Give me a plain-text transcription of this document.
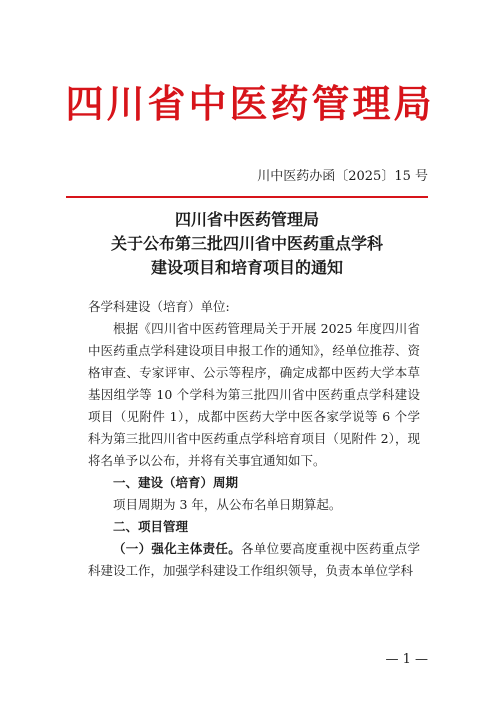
四川省中医药管理局
川中医药办函〔2025〕15 号
四川省中医药管理局
关于公布第三批四川省中医药重点学科
建设项目和培育项目的通知

各学科建设（培育）单位:

根据《四川省中医药管理局关于开展 2025 年度四川省中医药重点学科建设项目申报工作的通知》，经单位推荐、资格审查、专家评审、公示等程序，确定成都中医药大学本草基因组学等 10 个学科为第三批四川省中医药重点学科建设项目（见附件 1），成都中医药大学中医各家学说等 6 个学科为第三批四川省中医药重点学科培育项目（见附件 2），现将名单予以公布，并将有关事宜通知如下。

一、建设（培育）周期

项目周期为 3 年，从公布名单日期算起。

二、项目管理

（一）强化主体责任。各单位要高度重视中医药重点学科建设工作，加强学科建设工作组织领导，负责本单位学科

— 1 —
